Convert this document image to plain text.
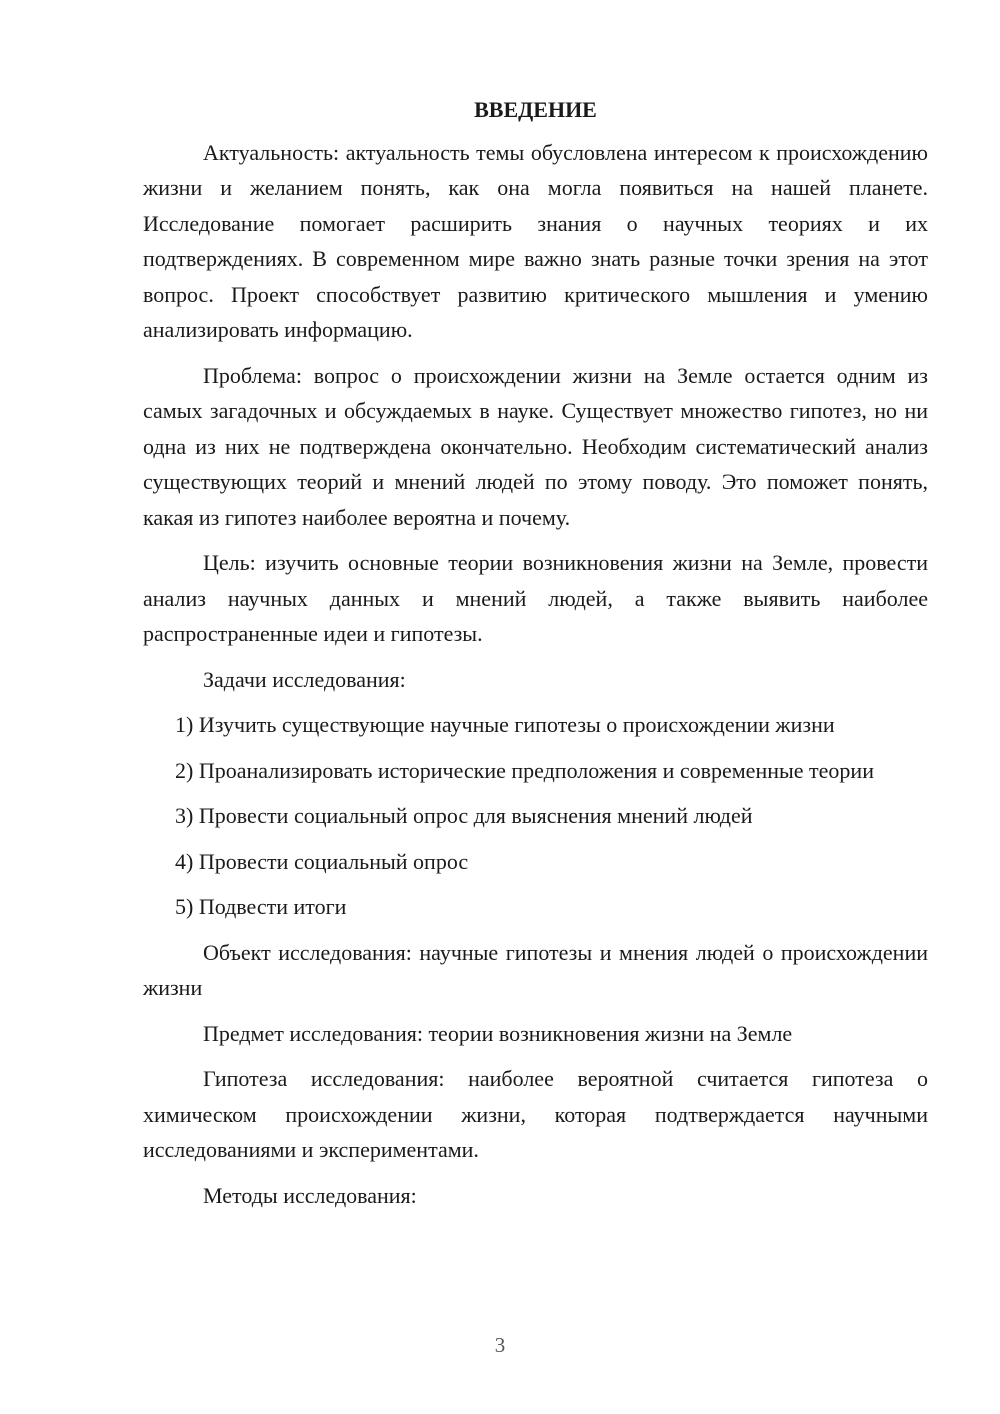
ВВЕДЕНИЕ

Актуальность: актуальность темы обусловлена интересом к происхождению жизни и желанием понять, как она могла появиться на нашей планете. Исследование помогает расширить знания о научных теориях и их подтверждениях. В современном мире важно знать разные точки зрения на этот вопрос. Проект способствует развитию критического мышления и умению анализировать информацию.

Проблема: вопрос о происхождении жизни на Земле остается одним из самых загадочных и обсуждаемых в науке. Существует множество гипотез, но ни одна из них не подтверждена окончательно. Необходим систематический анализ существующих теорий и мнений людей по этому поводу. Это поможет понять, какая из гипотез наиболее вероятна и почему.

Цель: изучить основные теории возникновения жизни на Земле, провести анализ научных данных и мнений людей, а также выявить наиболее распространенные идеи и гипотезы.

Задачи исследования:

1) Изучить существующие научные гипотезы о происхождении жизни

2) Проанализировать исторические предположения и современные теории

3) Провести социальный опрос для выяснения мнений людей

4) Провести социальный опрос

5) Подвести итоги

Объект исследования: научные гипотезы и мнения людей о происхождении жизни

Предмет исследования: теории возникновения жизни на Земле

Гипотеза исследования: наиболее вероятной считается гипотеза о химическом происхождении жизни, которая подтверждается научными исследованиями и экспериментами.

Методы исследования:

3
